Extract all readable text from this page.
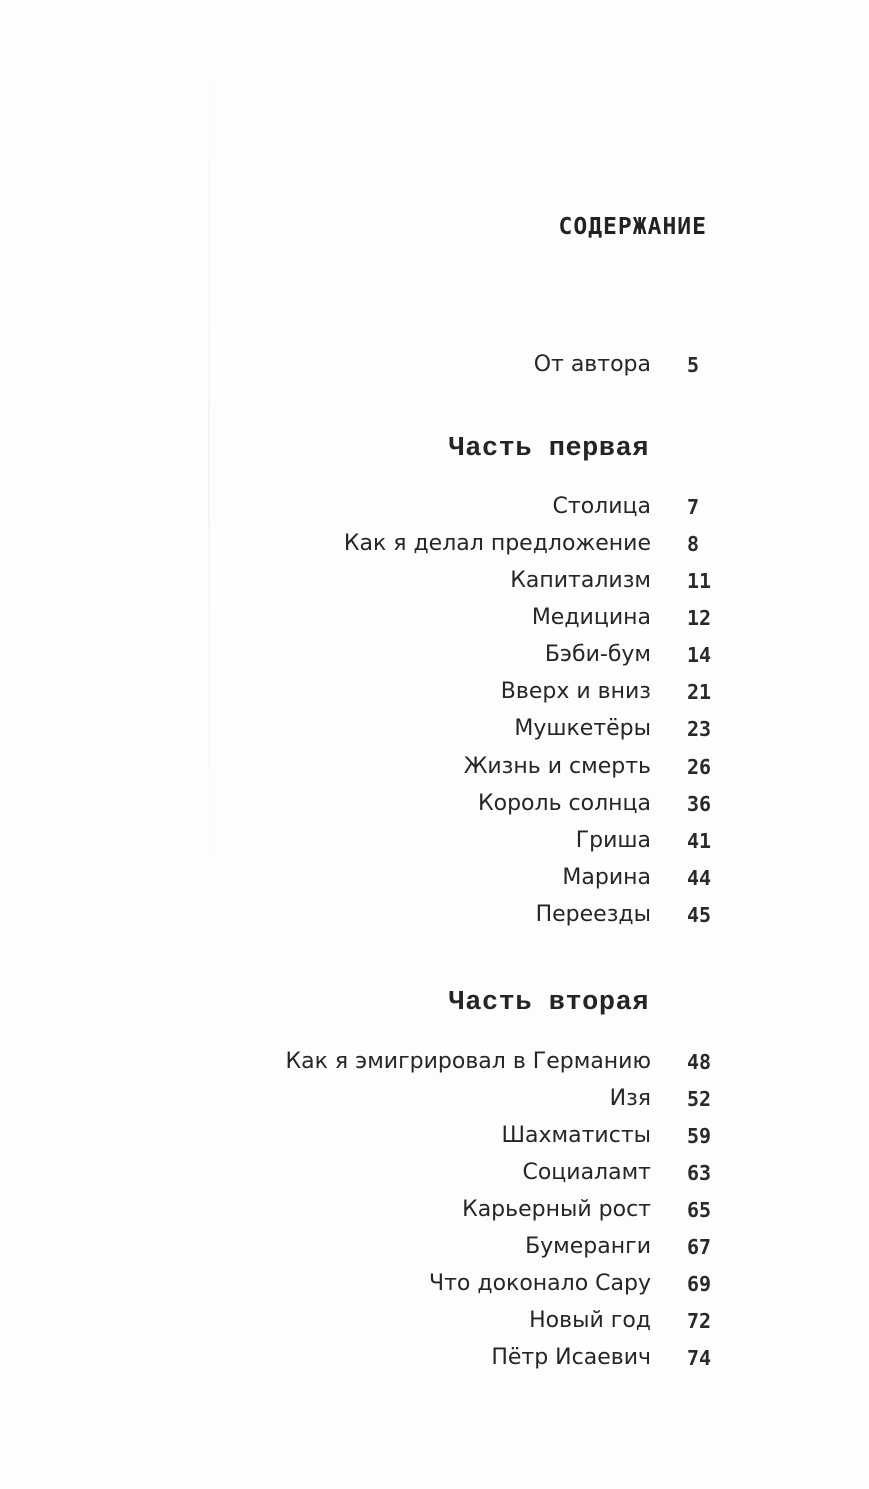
СОДЕРЖАНИЕ
От автора 5
Часть первая
Столица 7
Как я делал предложение 8
Капитализм 11
Медицина 12
Бэби-бум 14
Вверх и вниз 21
Мушкетёры 23
Жизнь и смерть 26
Король солнца 36
Гриша 41
Марина 44
Переезды 45
Часть вторая
Как я эмигрировал в Германию 48
Изя 52
Шахматисты 59
Социаламт 63
Карьерный рост 65
Бумеранги 67
Что доконало Сару 69
Новый год 72
Пётр Исаевич 74
